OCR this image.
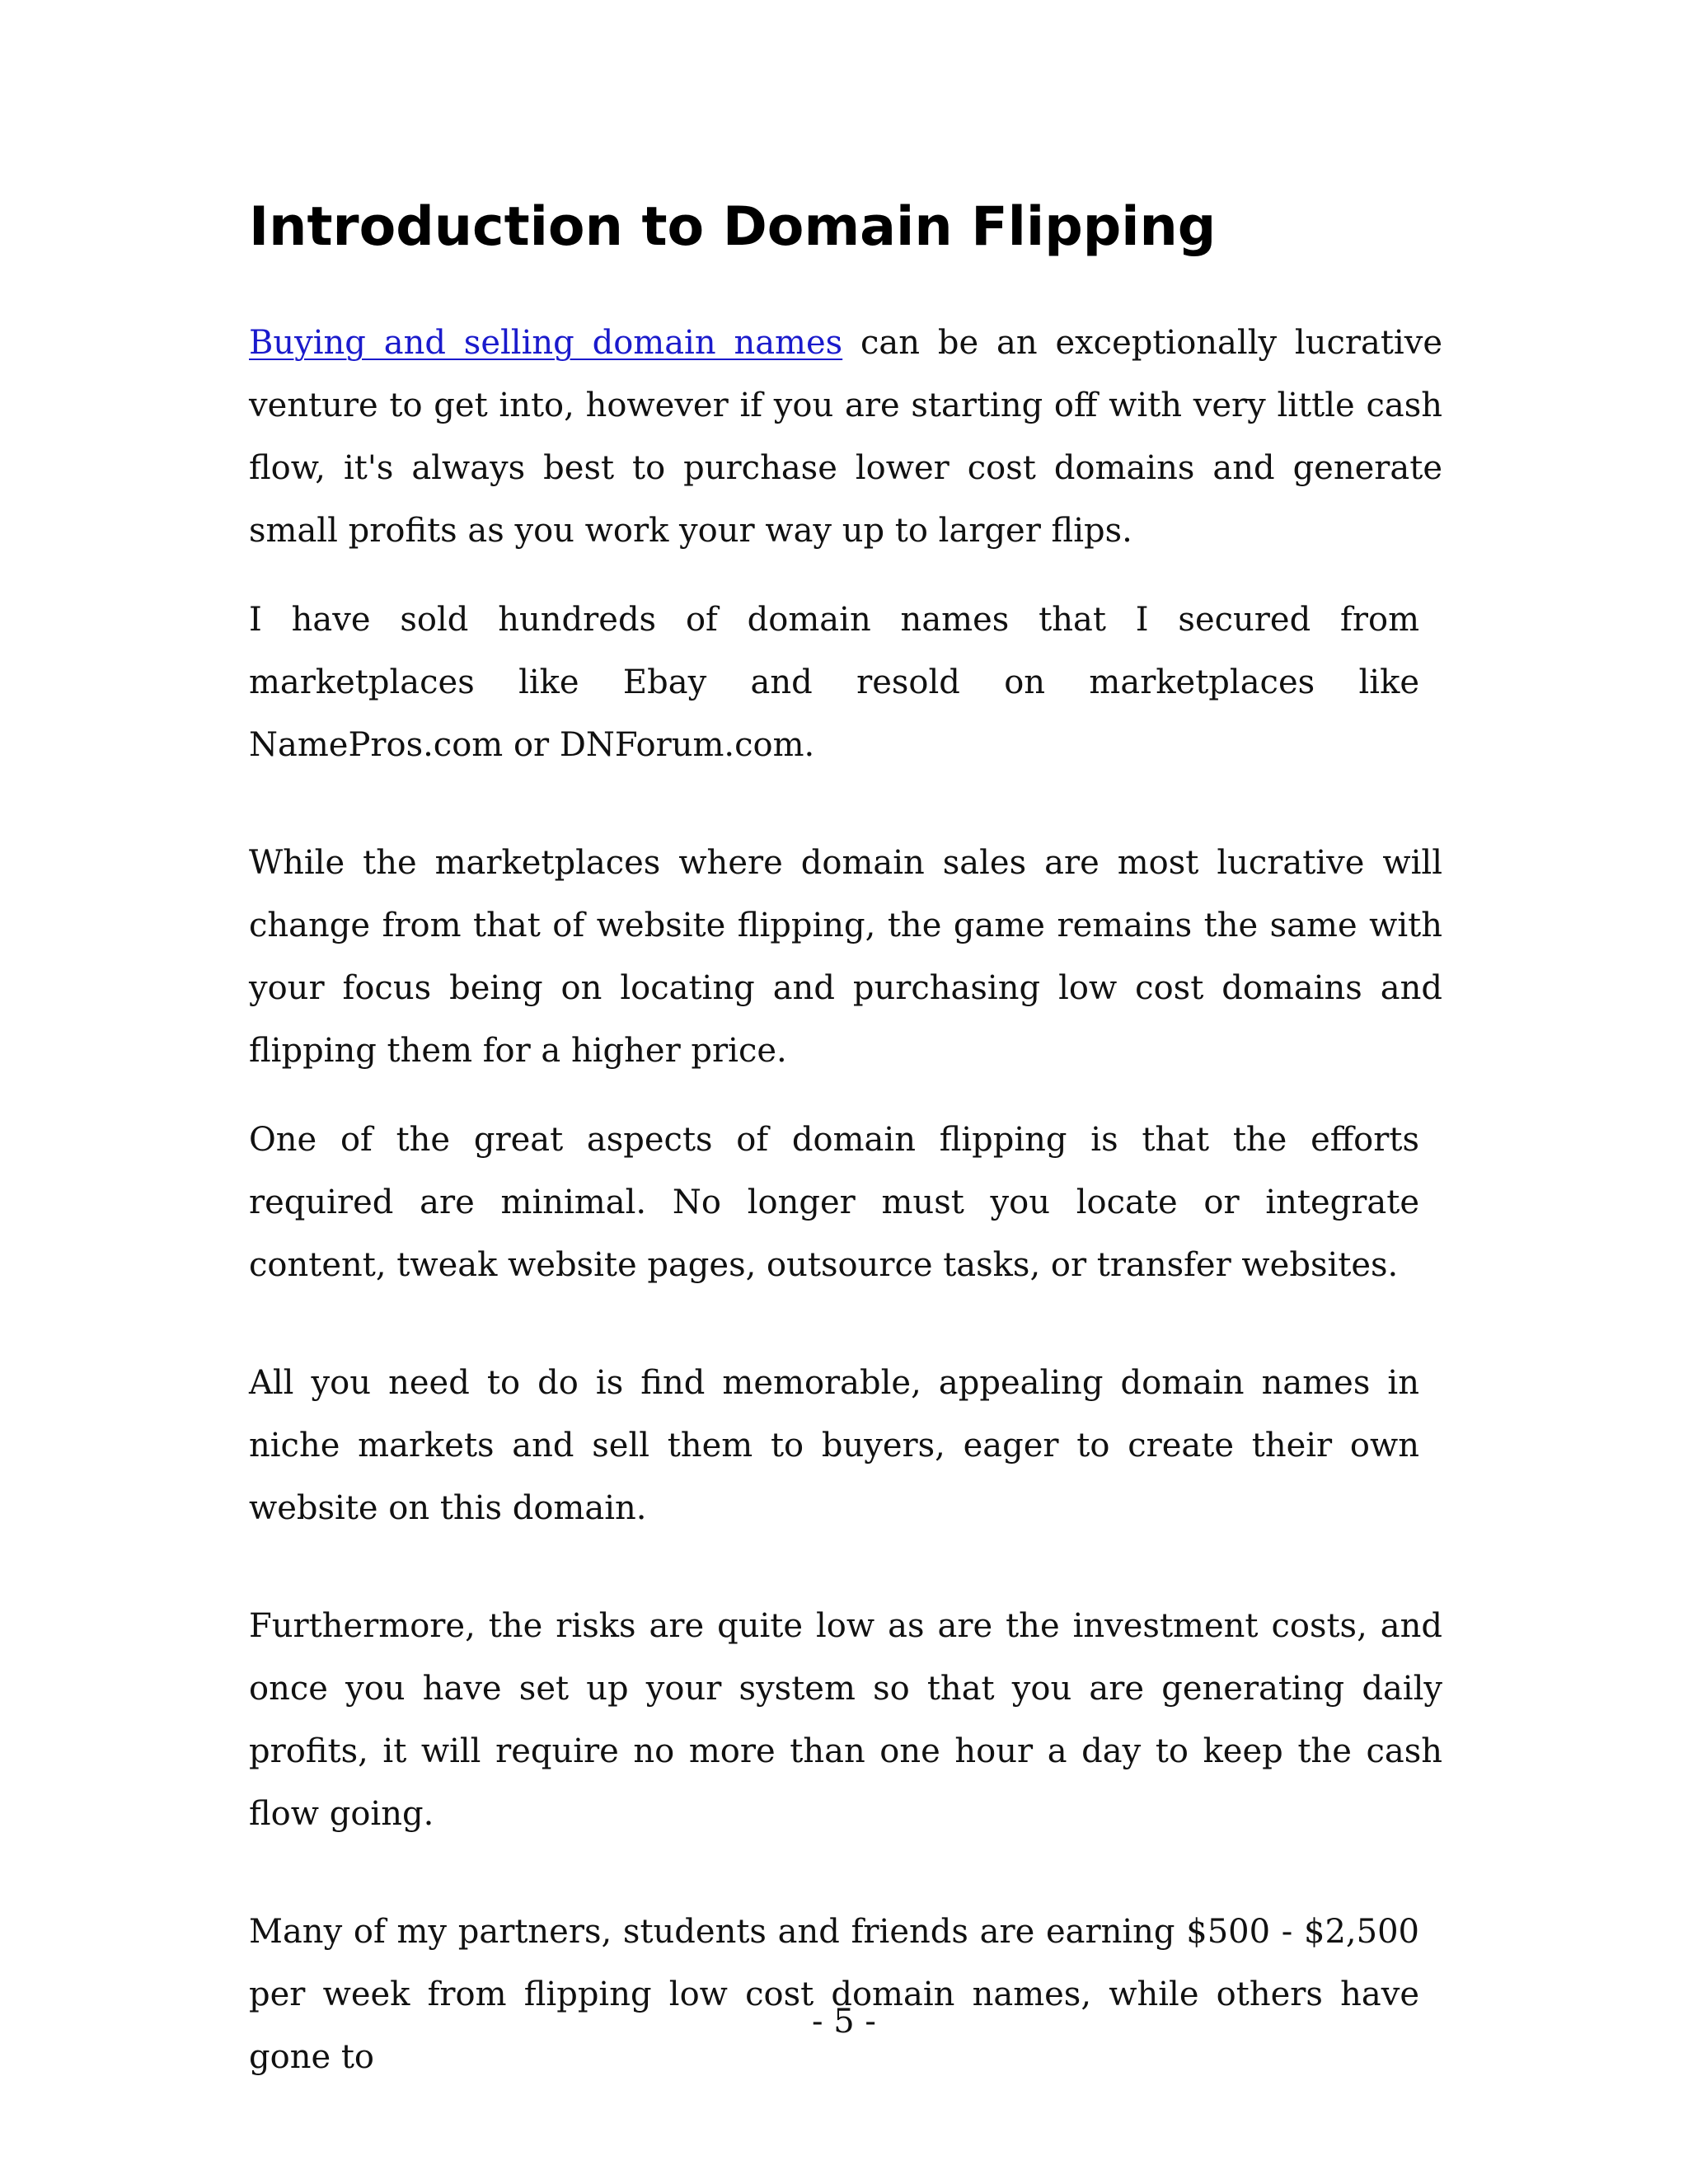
Introduction to Domain Flipping

Buying and selling domain names can be an exceptionally lucrative venture to get into, however if you are starting off with very little cash flow, it's always best to purchase lower cost domains and generate small profits as you work your way up to larger flips.

I have sold hundreds of domain names that I secured from marketplaces like Ebay and resold on marketplaces like NamePros.com or DNForum.com.

While the marketplaces where domain sales are most lucrative will change from that of website flipping, the game remains the same with your focus being on locating and purchasing low cost domains and flipping them for a higher price.

One of the great aspects of domain flipping is that the efforts required are minimal. No longer must you locate or integrate content, tweak website pages, outsource tasks, or transfer websites.

All you need to do is find memorable, appealing domain names in niche markets and sell them to buyers, eager to create their own website on this domain.

Furthermore, the risks are quite low as are the investment costs, and once you have set up your system so that you are generating daily profits, it will require no more than one hour a day to keep the cash flow going.

Many of my partners, students and friends are earning $500 - $2,500 per week from flipping low cost domain names, while others have gone to

- 5 -
